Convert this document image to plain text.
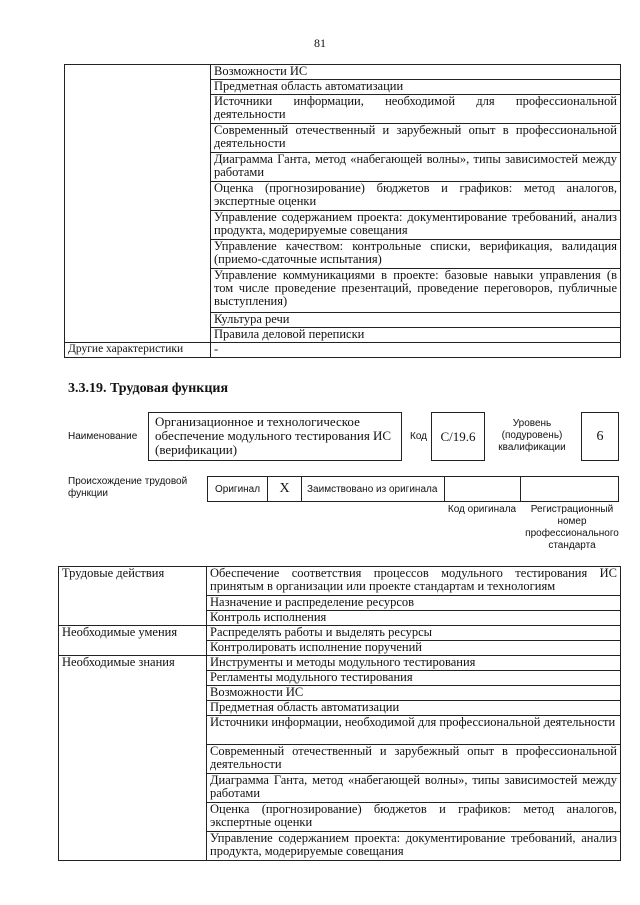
81
	Возможности ИС
	Предметная область автоматизации
	Источники информации, необходимой для профессиональной деятельности
	Современный отечественный и зарубежный опыт в профессиональной деятельности
	Диаграмма Ганта, метод «набегающей волны», типы зависимостей между работами
	Оценка (прогнозирование) бюджетов и графиков: метод аналогов, экспертные оценки
	Управление содержанием проекта: документирование требований, анализ продукта, модерируемые совещания
	Управление качеством: контрольные списки, верификация, валидация (приемо-сдаточные испытания)
	Управление коммуникациями в проекте: базовые навыки управления (в том числе проведение презентаций, проведение переговоров, публичные выступления)
	Культура речи
	Правила деловой переписки
Другие характеристики	-
3.3.19. Трудовая функция
Наименование
Организационное и технологическое обеспечение модульного тестирования ИС (верификации)
Код	С/19.6
Уровень (подуровень) квалификации
6
Происхождение трудовой функции	Оригинал	X	Заимствовано из оригинала
Код оригинала	Регистрационный номер профессионального стандарта
Трудовые действия	Обеспечение соответствия процессов модульного тестирования ИС принятым в организации или проекте стандартам и технологиям
	Назначение и распределение ресурсов
	Контроль исполнения
Необходимые умения	Распределять работы и выделять ресурсы
	Контролировать исполнение поручений
Необходимые знания	Инструменты и методы модульного тестирования
	Регламенты модульного тестирования
	Возможности ИС
	Предметная область автоматизации
	Источники информации, необходимой для профессиональной деятельности
	Современный отечественный и зарубежный опыт в профессиональной деятельности
	Диаграмма Ганта, метод «набегающей волны», типы зависимостей между работами
	Оценка (прогнозирование) бюджетов и графиков: метод аналогов, экспертные оценки
	Управление содержанием проекта: документирование требований, анализ продукта, модерируемые совещания
